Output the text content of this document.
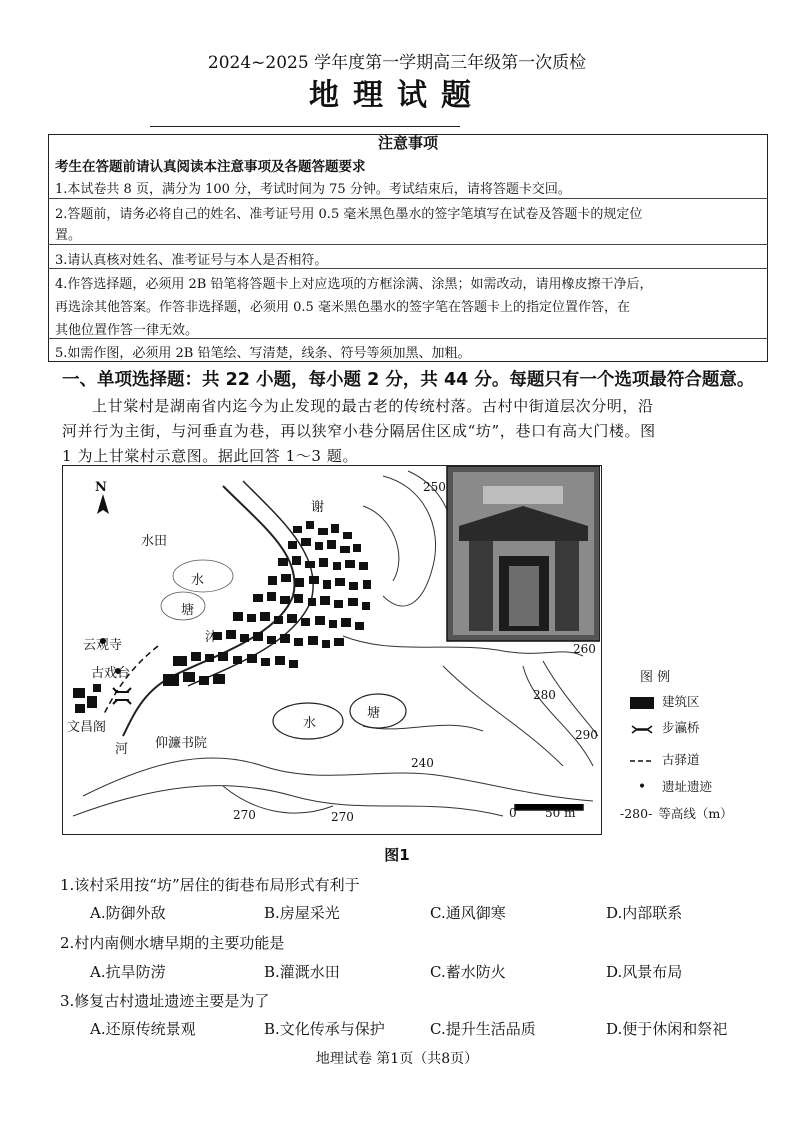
2024~2025 学年度第一学期高三年级第一次质检
地理试题
注意事项
考生在答题前请认真阅读本注意事项及各题答题要求
1.本试卷共 8 页，满分为 100 分，考试时间为 75 分钟。考试结束后，请将答题卡交回。
2.答题前，请务必将自己的姓名、准考证号用 0.5 毫米黑色墨水的签字笔填写在试卷及答题卡的规定位
置。
3.请认真核对姓名、准考证号与本人是否相符。
4.作答选择题，必须用 2B 铅笔将答题卡上对应选项的方框涂满、涂黑；如需改动，请用橡皮擦干净后，
再选涂其他答案。作答非选择题，必须用 0.5 毫米黑色墨水的签字笔在答题卡上的指定位置作答，在
其他位置作答一律无效。
5.如需作图，必须用 2B 铅笔绘、写清楚，线条、符号等须加黑、加粗。
一、单项选择题：共 22 小题，每小题 2 分，共 44 分。每题只有一个选项最符合题意。
上甘棠村是湖南省内迄今为止发现的最古老的传统村落。古村中街道层次分明，沿
河并行为主街，与河垂直为巷，再以狭窄小巷分隔居住区成“坊”，巷口有高大门楼。图
1 为上甘棠村示意图。据此回答 1～3 题。
N
水田
水
塘
云观寺
古戏台
文昌阁
河
谢
沐
仰濂书院
水
塘
250
260
280
290
240
270	270	0 50 m
图 例
建筑区
步瀛桥
古驿道
• 遗址遗迹
-280- 等高线（m）
图1
1.该村采用按“坊”居住的街巷布局形式有利于
A.防御外敌	B.房屋采光	C.通风御寒	D.内部联系
2.村内南侧水塘早期的主要功能是
A.抗旱防涝	B.灌溉水田	C.蓄水防火	D.风景布局
3.修复古村遗址遗迹主要是为了
A.还原传统景观	B.文化传承与保护	C.提升生活品质	D.便于休闲和祭祀
地理试卷 第1页（共8页）
